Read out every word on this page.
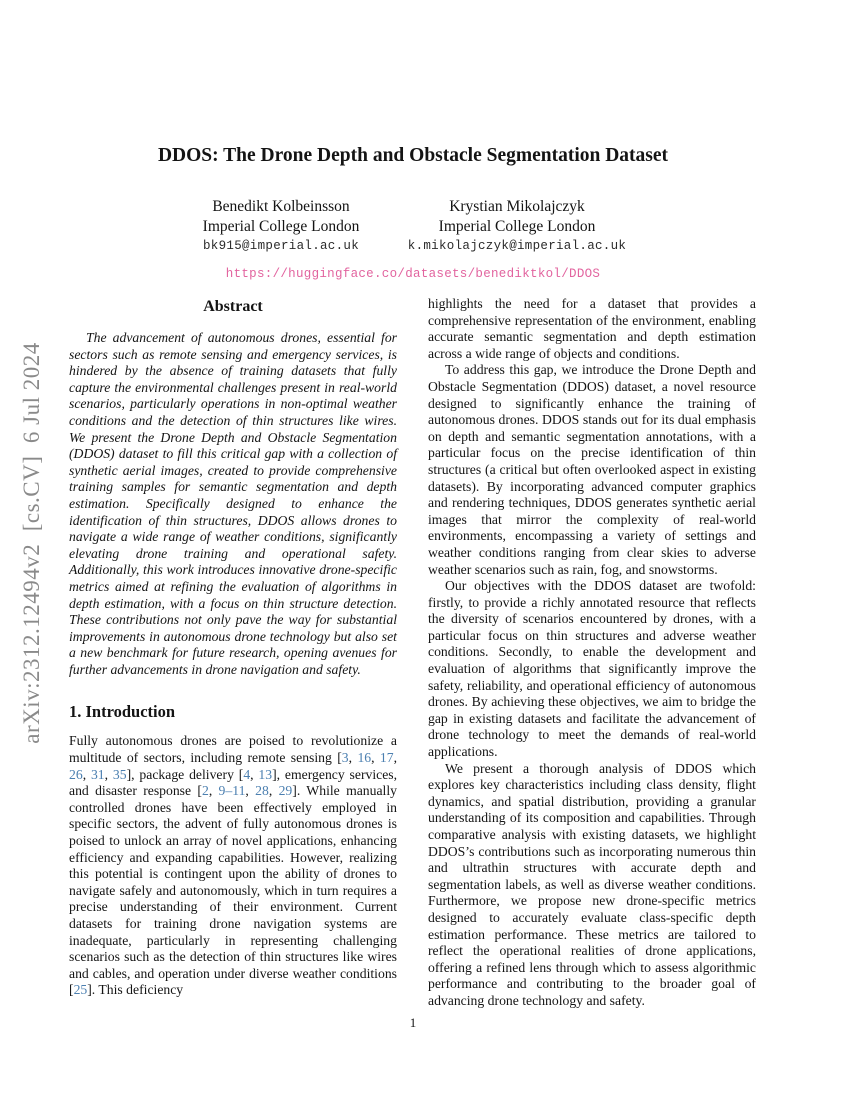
arXiv:2312.12494v2  [cs.CV]  6 Jul 2024
DDOS: The Drone Depth and Obstacle Segmentation Dataset
Benedikt Kolbeinsson
Imperial College London
bk915@imperial.ac.uk
Krystian Mikolajczyk
Imperial College London
k.mikolajczyk@imperial.ac.uk
https://huggingface.co/datasets/benediktkol/DDOS
Abstract

The advancement of autonomous drones, essential for sectors such as remote sensing and emergency services, is hindered by the absence of training datasets that fully capture the environmental challenges present in real-world scenarios, particularly operations in non-optimal weather conditions and the detection of thin structures like wires. We present the Drone Depth and Obstacle Segmentation (DDOS) dataset to fill this critical gap with a collection of synthetic aerial images, created to provide comprehensive training samples for semantic segmentation and depth estimation. Specifically designed to enhance the identification of thin structures, DDOS allows drones to navigate a wide range of weather conditions, significantly elevating drone training and operational safety. Additionally, this work introduces innovative drone-specific metrics aimed at refining the evaluation of algorithms in depth estimation, with a focus on thin structure detection. These contributions not only pave the way for substantial improvements in autonomous drone technology but also set a new benchmark for future research, opening avenues for further advancements in drone navigation and safety.

1. Introduction

Fully autonomous drones are poised to revolutionize a multitude of sectors, including remote sensing [3, 16, 17, 26, 31, 35], package delivery [4, 13], emergency services, and disaster response [2, 9–11, 28, 29]. While manually controlled drones have been effectively employed in specific sectors, the advent of fully autonomous drones is poised to unlock an array of novel applications, enhancing efficiency and expanding capabilities. However, realizing this potential is contingent upon the ability of drones to navigate safely and autonomously, which in turn requires a precise understanding of their environment. Current datasets for training drone navigation systems are inadequate, particularly in representing challenging scenarios such as the detection of thin structures like wires and cables, and operation under diverse weather conditions [25]. This deficiency

highlights the need for a dataset that provides a comprehensive representation of the environment, enabling accurate semantic segmentation and depth estimation across a wide range of objects and conditions.

To address this gap, we introduce the Drone Depth and Obstacle Segmentation (DDOS) dataset, a novel resource designed to significantly enhance the training of autonomous drones. DDOS stands out for its dual emphasis on depth and semantic segmentation annotations, with a particular focus on the precise identification of thin structures (a critical but often overlooked aspect in existing datasets). By incorporating advanced computer graphics and rendering techniques, DDOS generates synthetic aerial images that mirror the complexity of real-world environments, encompassing a variety of settings and weather conditions ranging from clear skies to adverse weather scenarios such as rain, fog, and snowstorms.

Our objectives with the DDOS dataset are twofold: firstly, to provide a richly annotated resource that reflects the diversity of scenarios encountered by drones, with a particular focus on thin structures and adverse weather conditions. Secondly, to enable the development and evaluation of algorithms that significantly improve the safety, reliability, and operational efficiency of autonomous drones. By achieving these objectives, we aim to bridge the gap in existing datasets and facilitate the advancement of drone technology to meet the demands of real-world applications.

We present a thorough analysis of DDOS which explores key characteristics including class density, flight dynamics, and spatial distribution, providing a granular understanding of its composition and capabilities. Through comparative analysis with existing datasets, we highlight DDOS’s contributions such as incorporating numerous thin and ultrathin structures with accurate depth and segmentation labels, as well as diverse weather conditions. Furthermore, we propose new drone-specific metrics designed to accurately evaluate class-specific depth estimation performance. These metrics are tailored to reflect the operational realities of drone applications, offering a refined lens through which to assess algorithmic performance and contributing to the broader goal of advancing drone technology and safety.

1
